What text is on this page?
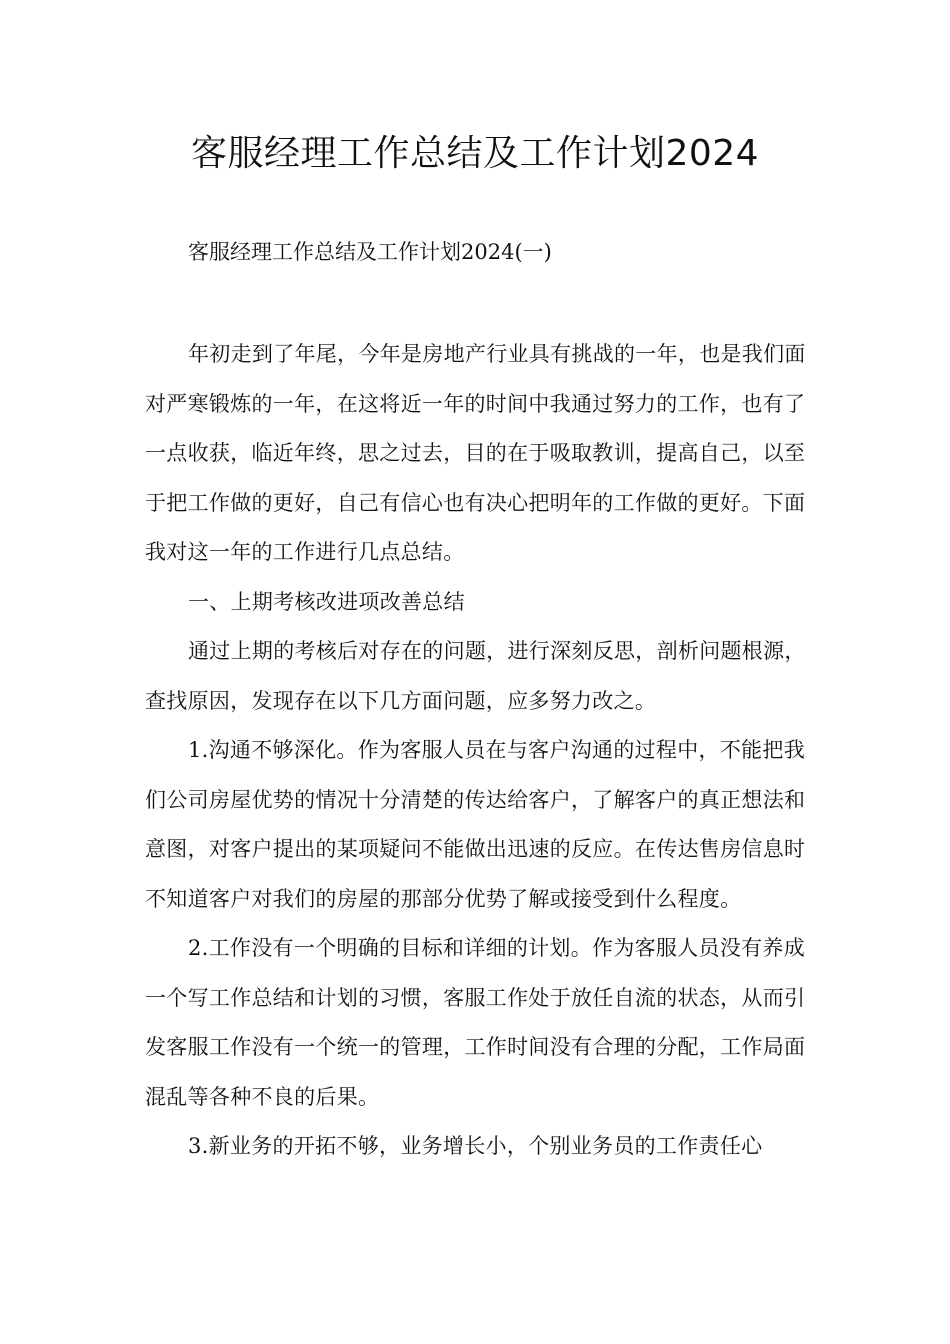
客服经理工作总结及工作计划2024

客服经理工作总结及工作计划2024(一)

年初走到了年尾，今年是房地产行业具有挑战的一年，也是我们面对严寒锻炼的一年，在这将近一年的时间中我通过努力的工作，也有了一点收获，临近年终，思之过去，目的在于吸取教训，提高自己，以至于把工作做的更好，自己有信心也有决心把明年的工作做的更好。下面我对这一年的工作进行几点总结。

一、上期考核改进项改善总结

通过上期的考核后对存在的问题，进行深刻反思，剖析问题根源，查找原因，发现存在以下几方面问题，应多努力改之。

1.沟通不够深化。作为客服人员在与客户沟通的过程中，不能把我们公司房屋优势的情况十分清楚的传达给客户，了解客户的真正想法和意图，对客户提出的某项疑问不能做出迅速的反应。在传达售房信息时不知道客户对我们的房屋的那部分优势了解或接受到什么程度。

2.工作没有一个明确的目标和详细的计划。作为客服人员没有养成一个写工作总结和计划的习惯，客服工作处于放任自流的状态，从而引发客服工作没有一个统一的管理，工作时间没有合理的分配，工作局面混乱等各种不良的后果。

3.新业务的开拓不够，业务增长小，个别业务员的工作责任心
